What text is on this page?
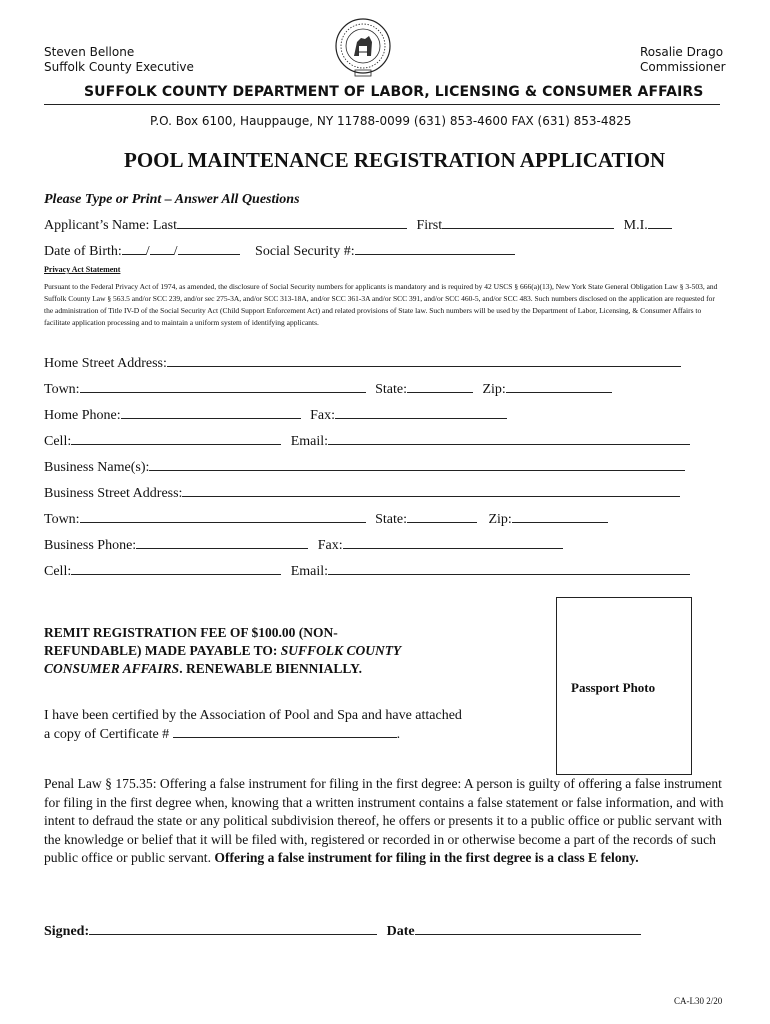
Steven Bellone
Suffolk County Executive
Rosalie Drago
Commissioner
SUFFOLK COUNTY DEPARTMENT OF LABOR, LICENSING & CONSUMER AFFAIRS
P.O. Box 6100, Hauppauge, NY 11788-0099 (631) 853-4600 FAX (631) 853-4825
POOL MAINTENANCE REGISTRATION APPLICATION
Please Type or Print – Answer All Questions
Applicant’s Name: Last	First	M.I.
Date of Birth: / /	Social Security #:
Privacy Act Statement
Pursuant to the Federal Privacy Act of 1974, as amended, the disclosure of Social Security numbers for applicants is mandatory and is required by 42 USCS § 666(a)(13), New York State General Obligation Law § 3-503, and Suffolk County Law § 563.5 and/or SCC 239, and/or sec 275-3A, and/or SCC 313-18A, and/or SCC 361-3A and/or SCC 391, and/or SCC 460-5, and/or SCC 483. Such numbers disclosed on the application are requested for the administration of Title IV-D of the Social Security Act (Child Support Enforcement Act) and related provisions of State law. Such numbers will be used by the Department of Labor, Licensing, & Consumer Affairs to facilitate application processing and to maintain a uniform system of identifying applicants.
Home Street Address:
Town:	State:	Zip:
Home Phone:	Fax:
Cell:	Email:
Business Name(s):
Business Street Address:
Town:	State:	Zip:
Business Phone:	Fax:
Cell:	Email:
REMIT REGISTRATION FEE OF $100.00 (NON-
REFUNDABLE) MADE PAYABLE TO: SUFFOLK COUNTY
CONSUMER AFFAIRS. RENEWABLE BIENNIALLY.
Passport Photo
I have been certified by the Association of Pool and Spa and have attached
a copy of Certificate #	.
Penal Law § 175.35: Offering a false instrument for filing in the first degree: A person is guilty of offering a false instrument for filing in the first degree when, knowing that a written instrument contains a false statement or false information, and with intent to defraud the state or any political subdivision thereof, he offers or presents it to a public office or public servant with the knowledge or belief that it will be filed with, registered or recorded in or otherwise become a part of the records of such public office or public servant. Offering a false instrument for filing in the first degree is a class E felony.
Signed:	Date
CA-L30 2/20
